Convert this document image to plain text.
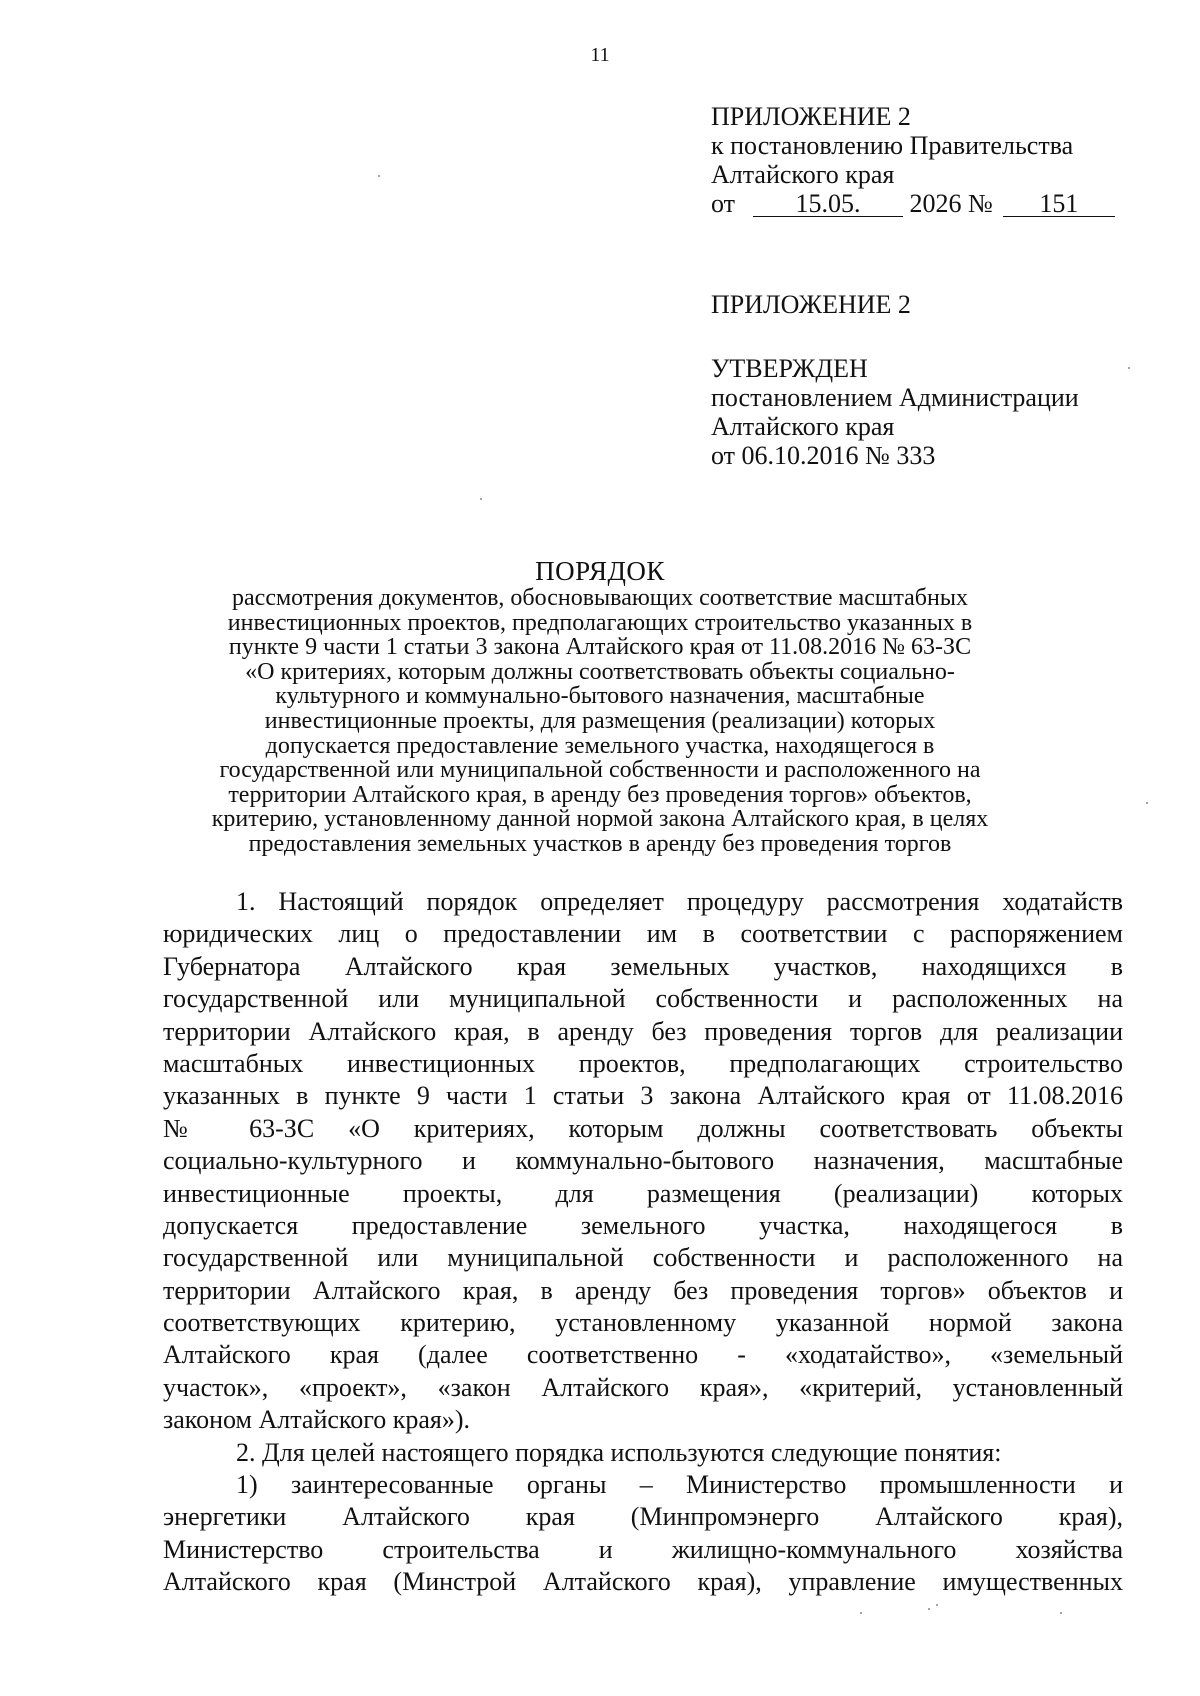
11
ПРИЛОЖЕНИЕ 2
к постановлению Правительства
Алтайского края
от 15.05. 2026 № 151
ПРИЛОЖЕНИЕ 2
УТВЕРЖДЕН
постановлением Администрации
Алтайского края
от 06.10.2016 № 333
ПОРЯДОК
рассмотрения документов, обосновывающих соответствие масштабных
инвестиционных проектов, предполагающих строительство указанных в
пункте 9 части 1 статьи 3 закона Алтайского края от 11.08.2016 № 63-ЗС
«О критериях, которым должны соответствовать объекты социально-
культурного и коммунально-бытового назначения, масштабные
инвестиционные проекты, для размещения (реализации) которых
допускается предоставление земельного участка, находящегося в
государственной или муниципальной собственности и расположенного на
территории Алтайского края, в аренду без проведения торгов» объектов,
критерию, установленному данной нормой закона Алтайского края, в целях
предоставления земельных участков в аренду без проведения торгов
1. Настоящий порядок определяет процедуру рассмотрения ходатайств
юридических лиц о предоставлении им в соответствии с распоряжением
Губернатора Алтайского края земельных участков, находящихся в
государственной или муниципальной собственности и расположенных на
территории Алтайского края, в аренду без проведения торгов для реализации
масштабных инвестиционных проектов, предполагающих строительство
указанных в пункте 9 части 1 статьи 3 закона Алтайского края от 11.08.2016
№ 63-ЗС «О критериях, которым должны соответствовать объекты
социально-культурного и коммунально-бытового назначения, масштабные
инвестиционные проекты, для размещения (реализации) которых
допускается предоставление земельного участка, находящегося в
государственной или муниципальной собственности и расположенного на
территории Алтайского края, в аренду без проведения торгов» объектов и
соответствующих критерию, установленному указанной нормой закона
Алтайского края (далее соответственно - «ходатайство», «земельный
участок», «проект», «закон Алтайского края», «критерий, установленный
законом Алтайского края»).
2. Для целей настоящего порядка используются следующие понятия:
1) заинтересованные органы – Министерство промышленности и
энергетики Алтайского края (Минпромэнерго Алтайского края),
Министерство строительства и жилищно-коммунального хозяйства
Алтайского края (Минстрой Алтайского края), управление имущественных
